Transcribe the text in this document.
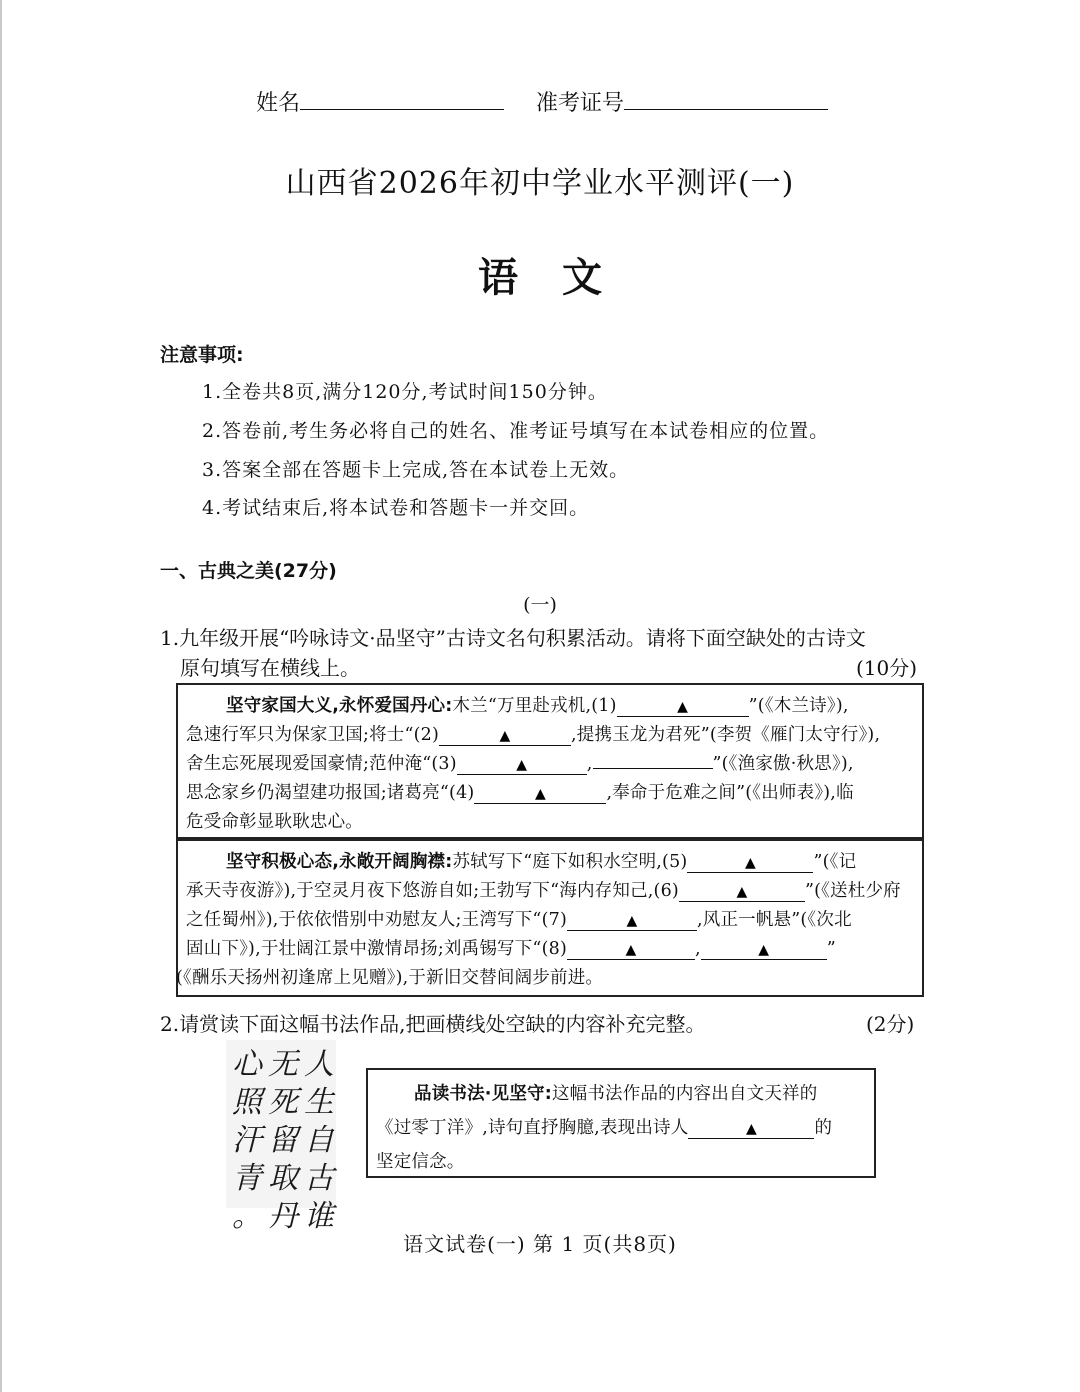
姓名	准考证号
山西省2026年初中学业水平测评(一)
语文
注意事项:
1.全卷共8页,满分120分,考试时间150分钟。
2.答卷前,考生务必将自己的姓名、准考证号填写在本试卷相应的位置。
3.答案全部在答题卡上完成,答在本试卷上无效。
4.考试结束后,将本试卷和答题卡一并交回。
一、古典之美(27分)
(一)
1.九年级开展“吟咏诗文·品坚守”古诗文名句积累活动。请将下面空缺处的古诗文
原句填写在横线上。	(10分)
坚守家国大义,永怀爱国丹心:木兰“万里赴戎机,(1)	▲	”(《木兰诗》),
急速行军只为保家卫国;将士“(2)	▲	,提携玉龙为君死”(李贺《雁门太守行》),
舍生忘死展现爱国豪情;范仲淹“(3)	▲	,	”(《渔家傲·秋思》),
思念家乡仍渴望建功报国;诸葛亮“(4)	▲	,奉命于危难之间”(《出师表》),临
危受命彰显耿耿忠心。
坚守积极心态,永敞开阔胸襟:苏轼写下“庭下如积水空明,(5)	▲	”(《记
承天寺夜游》),于空灵月夜下悠游自如;王勃写下“海内存知己,(6)	▲	”(《送杜少府
之任蜀州》),于依依惜别中劝慰友人;王湾写下“(7)	▲	,风正一帆悬”(《次北
固山下》),于壮阔江景中激情昂扬;刘禹锡写下“(8)	▲	,	▲	”
(《酬乐天扬州初逢席上见赠》),于新旧交替间阔步前进。
2.请赏读下面这幅书法作品,把画横线处空缺的内容补充完整。	(2分)
人
生
自
古
谁
无
死
留
取
丹
心
照
汗
青
。
品读书法·见坚守:这幅书法作品的内容出自文天祥的
《过零丁洋》,诗句直抒胸臆,表现出诗人	▲	的
坚定信念。
语文试卷(一) 第 1 页(共8页)
